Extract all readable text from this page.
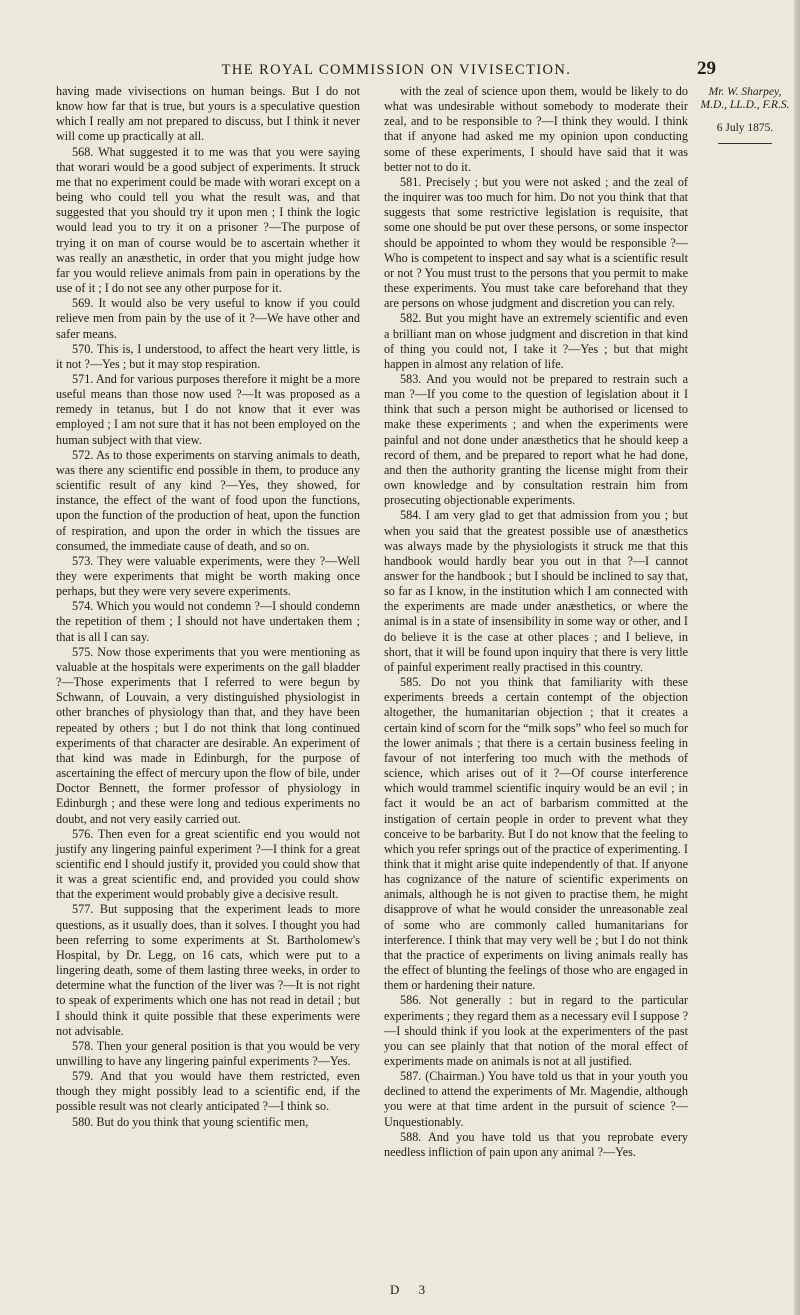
THE ROYAL COMMISSION ON VIVISECTION.	29

having made vivisections on human beings. But I do not know how far that is true, but yours is a speculative question which I really am not prepared to discuss, but I think it never will come up practically at all.

568. What suggested it to me was that you were saying that worari would be a good subject of experiments. It struck me that no experiment could be made with worari except on a being who could tell you what the result was, and that suggested that you should try it upon men ; I think the logic would lead you to try it on a prisoner ?—The purpose of trying it on man of course would be to ascertain whether it was really an anæsthetic, in order that you might judge how far you would relieve animals from pain in operations by the use of it ; I do not see any other purpose for it.

569. It would also be very useful to know if you could relieve men from pain by the use of it ?—We have other and safer means.

570. This is, I understood, to affect the heart very little, is it not ?—Yes ; but it may stop respiration.

571. And for various purposes therefore it might be a more useful means than those now used ?—It was proposed as a remedy in tetanus, but I do not know that it ever was employed ; I am not sure that it has not been employed on the human subject with that view.

572. As to those experiments on starving animals to death, was there any scientific end possible in them, to produce any scientific result of any kind ?—Yes, they showed, for instance, the effect of the want of food upon the functions, upon the function of the production of heat, upon the function of respiration, and upon the order in which the tissues are consumed, the immediate cause of death, and so on.

573. They were valuable experiments, were they ?—Well they were experiments that might be worth making once perhaps, but they were very severe experiments.

574. Which you would not condemn ?—I should condemn the repetition of them ; I should not have undertaken them ; that is all I can say.

575. Now those experiments that you were mentioning as valuable at the hospitals were experiments on the gall bladder ?—Those experiments that I referred to were begun by Schwann, of Louvain, a very distinguished physiologist in other branches of physiology than that, and they have been repeated by others ; but I do not think that long continued experiments of that character are desirable. An experiment of that kind was made in Edinburgh, for the purpose of ascertaining the effect of mercury upon the flow of bile, under Doctor Bennett, the former professor of physiology in Edinburgh ; and these were long and tedious experiments no doubt, and not very easily carried out.

576. Then even for a great scientific end you would not justify any lingering painful experiment ?—I think for a great scientific end I should justify it, provided you could show that it was a great scientific end, and provided you could show that the experiment would probably give a decisive result.

577. But supposing that the experiment leads to more questions, as it usually does, than it solves. I thought you had been referring to some experiments at St. Bartholomew's Hospital, by Dr. Legg, on 16 cats, which were put to a lingering death, some of them lasting three weeks, in order to determine what the function of the liver was ?—It is not right to speak of experiments which one has not read in detail ; but I should think it quite possible that these experiments were not advisable.

578. Then your general position is that you would be very unwilling to have any lingering painful experiments ?—Yes.

579. And that you would have them restricted, even though they might possibly lead to a scientific end, if the possible result was not clearly anticipated ?—I think so.

580. But do you think that young scientific men,

with the zeal of science upon them, would be likely to do what was undesirable without somebody to moderate their zeal, and to be responsible to ?—I think they would. I think that if anyone had asked me my opinion upon conducting some of these experiments, I should have said that it was better not to do it.

581. Precisely ; but you were not asked ; and the zeal of the inquirer was too much for him. Do not you think that that suggests that some restrictive legislation is requisite, that some one should be put over these persons, or some inspector should be appointed to whom they would be responsible ?—Who is competent to inspect and say what is a scientific result or not ? You must trust to the persons that you permit to make these experiments. You must take care beforehand that they are persons on whose judgment and discretion you can rely.

582. But you might have an extremely scientific and even a brilliant man on whose judgment and discretion in that kind of thing you could not, I take it ?—Yes ; but that might happen in almost any relation of life.

583. And you would not be prepared to restrain such a man ?—If you come to the question of legislation about it I think that such a person might be authorised or licensed to make these experiments ; and when the experiments were painful and not done under anæsthetics that he should keep a record of them, and be prepared to report what he had done, and then the authority granting the license might from their own knowledge and by consultation restrain him from prosecuting objectionable experiments.

584. I am very glad to get that admission from you ; but when you said that the greatest possible use of anæsthetics was always made by the physiologists it struck me that this handbook would hardly bear you out in that ?—I cannot answer for the handbook ; but I should be inclined to say that, so far as I know, in the institution which I am connected with the experiments are made under anæsthetics, or where the animal is in a state of insensibility in some way or other, and I do believe it is the case at other places ; and I believe, in short, that it will be found upon inquiry that there is very little of painful experiment really practised in this country.

585. Do not you think that familiarity with these experiments breeds a certain contempt of the objection altogether, the humanitarian objection ; that it creates a certain kind of scorn for the “milk sops” who feel so much for the lower animals ; that there is a certain business feeling in favour of not interfering too much with the methods of science, which arises out of it ?—Of course interference which would trammel scientific inquiry would be an evil ; in fact it would be an act of barbarism committed at the instigation of certain people in order to prevent what they conceive to be barbarity. But I do not know that the feeling to which you refer springs out of the practice of experimenting. I think that it might arise quite independently of that. If anyone has cognizance of the nature of scientific experiments on animals, although he is not given to practise them, he might disapprove of what he would consider the unreasonable zeal of some who are commonly called humanitarians for interference. I think that may very well be ; but I do not think that the practice of experiments on living animals really has the effect of blunting the feelings of those who are engaged in them or hardening their nature.

586. Not generally : but in regard to the particular experiments ; they regard them as a necessary evil I suppose ?—I should think if you look at the experimenters of the past you can see plainly that that notion of the moral effect of experiments made on animals is not at all justified.

587. (Chairman.) You have told us that in your youth you declined to attend the experiments of Mr. Magendie, although you were at that time ardent in the pursuit of science ?—Unquestionably.

588. And you have told us that you reprobate every needless infliction of pain upon any animal ?—Yes.

Mr. W. Sharpey, M.D., LL.D., F.R.S.
6 July 1875.
D 3
